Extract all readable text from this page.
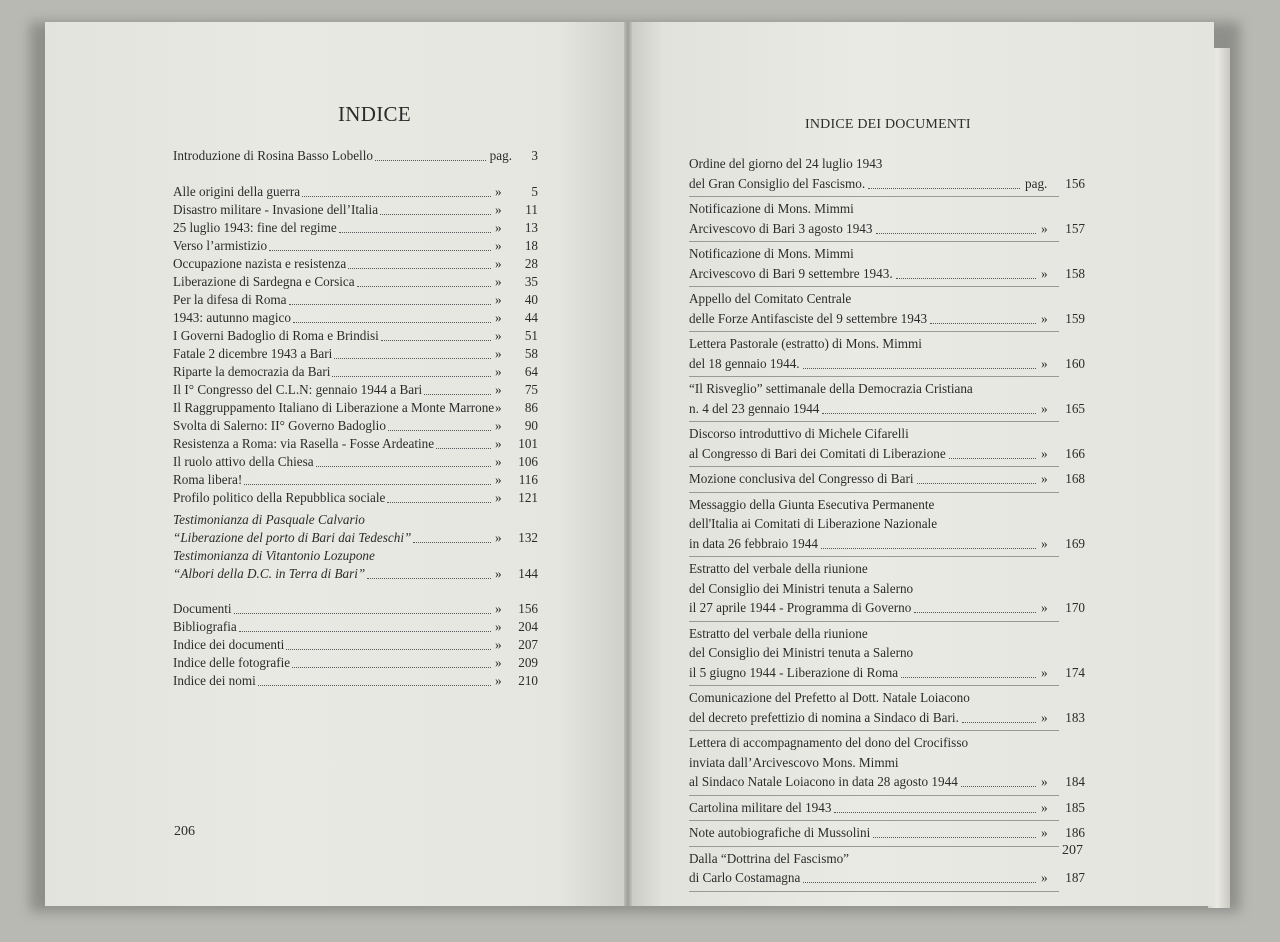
INDICE	INDICE DEI DOCUMENTI
Introduzione di Rosina Basso Lobello	pag. 3
Alle origini della guerra	» 5
Disastro militare - Invasione dell’Italia	» 11
25 luglio 1943: fine del regime	» 13
Verso l’armistizio	» 18
Occupazione nazista e resistenza	» 28
Liberazione di Sardegna e Corsica	» 35
Per la difesa di Roma	» 40
1943: autunno magico	» 44
I Governi Badoglio di Roma e Brindisi	» 51
Fatale 2 dicembre 1943 a Bari	» 58
Riparte la democrazia da Bari	» 64
Il I° Congresso del C.L.N: gennaio 1944 a Bari	» 75
Il Raggruppamento Italiano di Liberazione a Monte Marrone » 86
Svolta di Salerno: II° Governo Badoglio	» 90
Resistenza a Roma: via Rasella - Fosse Ardeatine	» 101
Il ruolo attivo della Chiesa	» 106
Roma libera!	» 116
Profilo politico della Repubblica sociale	» 121
Testimonianza di Pasquale Calvario
“Liberazione del porto di Bari dai Tedeschi”	» 132
Testimonianza di Vitantonio Lozupone
“Albori della D.C. in Terra di Bari”	» 144
Documenti	» 156
Bibliografia	» 204
Indice dei documenti	» 207
Indice delle fotografie	» 209
Indice dei nomi	» 210
Ordine del giorno del 24 luglio 1943
del Gran Consiglio del Fascismo.	pag. 156
Notificazione di Mons. Mimmi
Arcivescovo di Bari 3 agosto 1943	» 157
Notificazione di Mons. Mimmi
Arcivescovo di Bari 9 settembre 1943.	» 158
Appello del Comitato Centrale
delle Forze Antifasciste del 9 settembre 1943	» 159
Lettera Pastorale (estratto) di Mons. Mimmi
del 18 gennaio 1944.	» 160
“Il Risveglio” settimanale della Democrazia Cristiana
n. 4 del 23 gennaio 1944	» 165
Discorso introduttivo di Michele Cifarelli
al Congresso di Bari dei Comitati di Liberazione	» 166
Mozione conclusiva del Congresso di Bari	» 168
Messaggio della Giunta Esecutiva Permanente
dell'Italia ai Comitati di Liberazione Nazionale
in data 26 febbraio 1944	» 169
Estratto del verbale della riunione
del Consiglio dei Ministri tenuta a Salerno
il 27 aprile 1944 - Programma di Governo	» 170
Estratto del verbale della riunione
del Consiglio dei Ministri tenuta a Salerno
il 5 giugno 1944 - Liberazione di Roma	» 174
Comunicazione del Prefetto al Dott. Natale Loiacono
del decreto prefettizio di nomina a Sindaco di Bari.	» 183
Lettera di accompagnamento del dono del Crocifisso
inviata dall’Arcivescovo Mons. Mimmi
al Sindaco Natale Loiacono in data 28 agosto 1944	» 184
Cartolina militare del 1943	» 185
Note autobiografiche di Mussolini	» 186
Dalla “Dottrina del Fascismo”
di Carlo Costamagna	» 187
206
207
